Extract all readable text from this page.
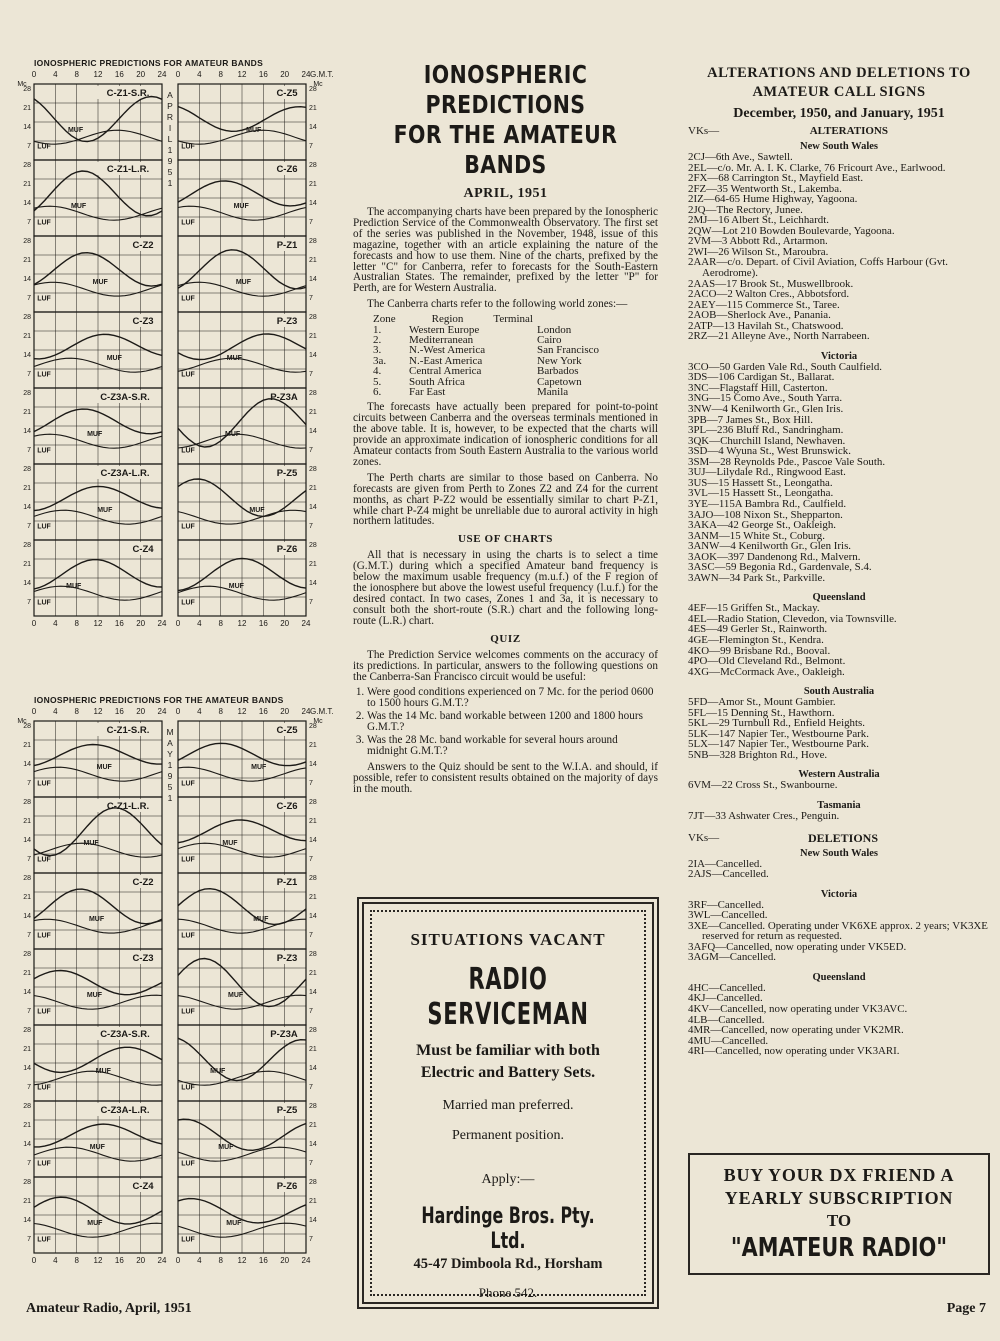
IONOSPHERIC PREDICTIONS FOR AMATEUR BANDS
0
0
4
4
8
8
12
12
16
16
20
20
24
24
0
0
4
4
8
8
12
12
16
16
20
20
24
24
G.M.T.
Mc	Mc
A
P
R
I
L
1
9
5
1
28
21
14
7
C-Z1-S.R.
MUF
LUF
28
21
14
7
C-Z1-L.R.
MUF
LUF
28
21
14
7
C-Z2
MUF
LUF
28
21
14
7
C-Z3
MUF
LUF
28
21
14
7
C-Z3A-S.R.
MUF
LUF
28
21
14
7
C-Z3A-L.R.
MUF
LUF
28
21
14
7
C-Z4
MUF
LUF
28
21
14
7
C-Z5
MUF
LUF
28
21
14
7
C-Z6
MUF
LUF
28
21
14
7
P-Z1
MUF
LUF
28
21
14
7
P-Z3
MUF
LUF
28
21
14
7
P-Z3A
MUF
LUF
28
21
14
7
P-Z5
MUF
LUF
28
21
14
7
P-Z6
MUF
LUF
IONOSPHERIC PREDICTIONS FOR THE AMATEUR BANDS
0
0
4
4
8
8
12
12
16
16
20
20
24
24
0
0
4
4
8
8
12
12
16
16
20
20
24
24
G.M.T.
Mc	Mc
M
A
Y
1
9
5
1
28
21
14
7
C-Z1-S.R.
MUF
LUF
28
21
14
7
C-Z1-L.R.
MUF
LUF
28
21
14
7
C-Z2
MUF
LUF
28
21
14
7
C-Z3
MUF
LUF
28
21
14
7
C-Z3A-S.R.
MUF
LUF
28
21
14
7
C-Z3A-L.R.
MUF
LUF
28
21
14
7
C-Z4
MUF
LUF
28
21
14
7
C-Z5
MUF
LUF
28
21
14
7
C-Z6
MUF
LUF
28
21
14
7
P-Z1
MUF
LUF
28
21
14
7
P-Z3
MUF
LUF
28
21
14
7
P-Z3A
MUF
LUF
28
21
14
7
P-Z5
MUF
LUF
28
21
14
7
P-Z6
MUF
LUF
IONOSPHERIC PREDICTIONS
FOR THE AMATEUR BANDS
APRIL, 1951

The accompanying charts have been prepared by the Ionospheric Prediction Service of the Commonwealth Observatory. The first set of the series was published in the November, 1948, issue of this magazine, together with an article explaining the nature of the forecasts and how to use them. Nine of the charts, prefixed by the letter "C" for Canberra, refer to forecasts for the South-Eastern Australian States. The remainder, prefixed by the letter "P" for Perth, are for Western Australia.

The Canberra charts refer to the following world zones:—

Zone	Region	Terminal
1.	Western Europe	London
2.	Mediterranean	Cairo
3.	N.-West America	San Francisco
3a.	N.-East America	New York
4.	Central America	Barbados
5.	South Africa	Capetown
6.	Far East	Manila

The forecasts have actually been prepared for point-to-point circuits between Canberra and the overseas terminals mentioned in the above table. It is, however, to be expected that the charts will provide an approximate indication of ionospheric conditions for all Amateur contacts from South Eastern Australia to the various world zones.

The Perth charts are similar to those based on Canberra. No forecasts are given from Perth to Zones Z2 and Z4 for the current months, as chart P-Z2 would be essentially similar to chart P-Z1, while chart P-Z4 might be unreliable due to auroral activity in high northern latitudes.

USE OF CHARTS

All that is necessary in using the charts is to select a time (G.M.T.) during which a specified Amateur band frequency is below the maximum usable frequency (m.u.f.) of the F region of the ionosphere but above the lowest useful frequency (l.u.f.) for the desired contact. In two cases, Zones 1 and 3a, it is necessary to consult both the short-route (S.R.) chart and the following long-route (L.R.) chart.

QUIZ

The Prediction Service welcomes comments on the accuracy of its predictions. In particular, answers to the following questions on the Canberra-San Francisco circuit would be useful:

1. Were good conditions experienced on 7 Mc. for the period 0600 to 1500 hours G.M.T.?
2. Was the 14 Mc. band workable between 1200 and 1800 hours G.M.T.?
3. Was the 28 Mc. band workable for several hours around midnight G.M.T.?

Answers to the Quiz should be sent to the W.I.A. and should, if possible, refer to consistent results obtained on the majority of days in the mouth.

SITUATIONS VACANT
RADIO SERVICEMAN
Must be familiar with both
Electric and Battery Sets.
Married man preferred.
Permanent position.
Apply:—
Hardinge Bros. Pty. Ltd.
45-47 Dimboola Rd., Horsham
Phone 542.
ALTERATIONS AND DELETIONS TO
AMATEUR CALL SIGNS
December, 1950, and January, 1951
VKs—	ALTERATIONS
New South Wales
2CJ—6th Ave., Sawtell.
2EL—c/o. Mr. A. I. K. Clarke, 76 Fricourt Ave., Earlwood.
2FX—68 Carrington St., Mayfield East.
2FZ—35 Wentworth St., Lakemba.
2IZ—64-65 Hume Highway, Yagoona.
2JQ—The Rectory, Junee.
2MJ—16 Albert St., Leichhardt.
2QW—Lot 210 Bowden Boulevarde, Yagoona.
2VM—3 Abbott Rd., Artarmon.
2WI—26 Wilson St., Maroubra.
2AAR—c/o. Depart. of Civil Aviation, Coffs Harbour (Gvt. Aerodrome).
2AAS—17 Brook St., Muswellbrook.
2ACO—2 Walton Cres., Abbotsford.
2AEY—115 Commerce St., Taree.
2AOB—Sherlock Ave., Panania.
2ATP—13 Havilah St., Chatswood.
2RZ—21 Alleyne Ave., North Narrabeen.
Victoria
3CO—50 Garden Vale Rd., South Caulfield.
3DS—106 Cardigan St., Ballarat.
3NC—Flagstaff Hill, Casterton.
3NG—15 Como Ave., South Yarra.
3NW—4 Kenilworth Gr., Glen Iris.
3PB—7 James St., Box Hill.
3PL—236 Bluff Rd., Sandringham.
3QK—Churchill Island, Newhaven.
3SD—4 Wyuna St., West Brunswick.
3SM—28 Reynolds Pde., Pascoe Vale South.
3UJ—Lilydale Rd., Ringwood East.
3US—15 Hassett St., Leongatha.
3VL—15 Hassett St., Leongatha.
3YE—115A Bambra Rd., Caulfield.
3AJO—108 Nixon St., Shepparton.
3AKA—42 George St., Oakleigh.
3ANM—15 White St., Coburg.
3ANW—4 Kenilworth Gr., Glen Iris.
3AOK—397 Dandenong Rd., Malvern.
3ASC—59 Begonia Rd., Gardenvale, S.4.
3AWN—34 Park St., Parkville.
Queensland
4EF—15 Griffen St., Mackay.
4EL—Radio Station, Clevedon, via Townsville.
4ES—49 Gerler St., Rainworth.
4GE—Flemington St., Kendra.
4KO—99 Brisbane Rd., Booval.
4PO—Old Cleveland Rd., Belmont.
4XG—McCormack Ave., Oakleigh.
South Australia
5FD—Amor St., Mount Gambier.
5FL—15 Denning St., Hawthorn.
5KL—29 Turnbull Rd., Enfield Heights.
5LK—147 Napier Ter., Westbourne Park.
5LX—147 Napier Ter., Westbourne Park.
5NB—328 Brighton Rd., Hove.
Western Australia
6VM—22 Cross St., Swanbourne.
Tasmania
7JT—33 Ashwater Cres., Penguin.
VKs—	DELETIONS
New South Wales
2IA—Cancelled.
2AJS—Cancelled.
Victoria
3RF—Cancelled.
3WL—Cancelled.
3XE—Cancelled. Operating under VK6XE approx. 2 years; VK3XE reserved for return as requested.
3AFQ—Cancelled, now operating under VK5ED.
3AGM—Cancelled.
Queensland
4HC—Cancelled.
4KJ—Cancelled.
4KV—Cancelled, now operating under VK3AVC.
4LB—Cancelled.
4MR—Cancelled, now operating under VK2MR.
4MU—Cancelled.
4RI—Cancelled, now operating under VK3ARI.
BUY YOUR DX FRIEND A
YEARLY SUBSCRIPTION
TO
"AMATEUR RADIO"
Amateur Radio, April, 1951	Page 7
